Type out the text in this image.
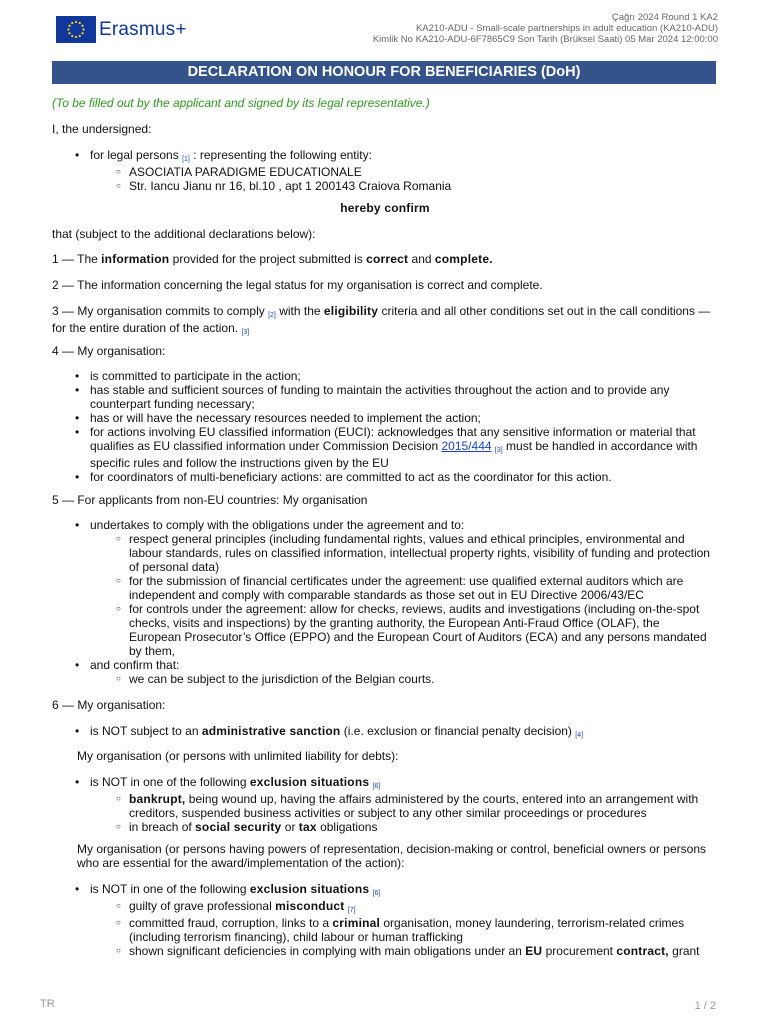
Erasmus+
Çağrı 2024 Round 1 KA2
KA210-ADU - Small-scale partnerships in adult education (KA210-ADU)
Kimlik No KA210-ADU-6F7865C9 Son Tarih (Brüksel Saati) 05 Mar 2024 12:00:00
DECLARATION ON HONOUR FOR BENEFICIARIES (DoH)
(To be filled out by the applicant and signed by its legal representative.)
I, the undersigned:
• for legal persons [1] : representing the following entity:
○ ASOCIATIA PARADIGME EDUCATIONALE
○ Str. Iancu Jianu nr 16, bl.10 , apt 1 200143 Craiova Romania
hereby confirm
that (subject to the additional declarations below):
1 — The information provided for the project submitted is correct and complete.
2 — The information concerning the legal status for my organisation is correct and complete.
3 — My organisation commits to comply [2] with the eligibility criteria and all other conditions set out in the call conditions —
for the entire duration of the action. [3]
4 — My organisation:
• is committed to participate in the action;
• has stable and sufficient sources of funding to maintain the activities throughout the action and to provide any
counterpart funding necessary;
• has or will have the necessary resources needed to implement the action;
• for actions involving EU classified information (EUCI): acknowledges that any sensitive information or material that
qualifies as EU classified information under Commission Decision 2015/444 [3] must be handled in accordance with
specific rules and follow the instructions given by the EU
• for coordinators of multi-beneficiary actions: are committed to act as the coordinator for this action.
5 — For applicants from non-EU countries: My organisation
• undertakes to comply with the obligations under the agreement and to:
○ respect general principles (including fundamental rights, values and ethical principles, environmental and
labour standards, rules on classified information, intellectual property rights, visibility of funding and protection
of personal data)
○ for the submission of financial certificates under the agreement: use qualified external auditors which are
independent and comply with comparable standards as those set out in EU Directive 2006/43/EC
○ for controls under the agreement: allow for checks, reviews, audits and investigations (including on-the-spot
checks, visits and inspections) by the granting authority, the European Anti-Fraud Office (OLAF), the
European Prosecutor’s Office (EPPO) and the European Court of Auditors (ECA) and any persons mandated
by them,
• and confirm that:
○ we can be subject to the jurisdiction of the Belgian courts.
6 — My organisation:
• is NOT subject to an administrative sanction (i.e. exclusion or financial penalty decision) [4]
My organisation (or persons with unlimited liability for debts):
• is NOT in one of the following exclusion situations [6]
○ bankrupt, being wound up, having the affairs administered by the courts, entered into an arrangement with
creditors, suspended business activities or subject to any other similar proceedings or procedures
○ in breach of social security or tax obligations
My organisation (or persons having powers of representation, decision-making or control, beneficial owners or persons
who are essential for the award/implementation of the action):
• is NOT in one of the following exclusion situations [6]
○ guilty of grave professional misconduct [7]
○ committed fraud, corruption, links to a criminal organisation, money laundering, terrorism-related crimes
(including terrorism financing), child labour or human trafficking
○ shown significant deficiencies in complying with main obligations under an EU procurement contract, grant
TR	1 / 2
